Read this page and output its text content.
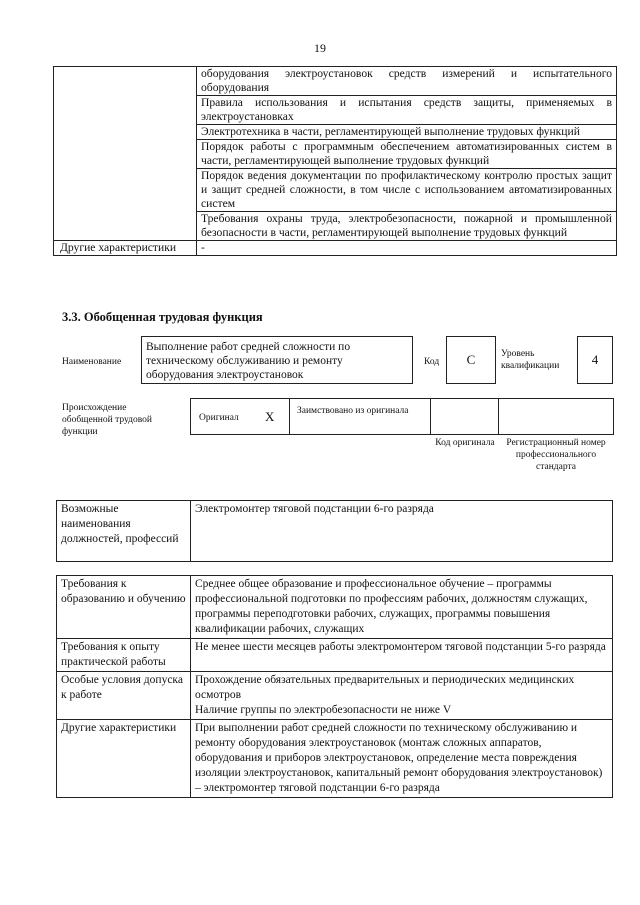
19
	оборудования электроустановок средств измерений и испытательного оборудования
	Правила использования и испытания средств защиты, применяемых в электроустановках
	Электротехника в части, регламентирующей выполнение трудовых функций
	Порядок работы с программным обеспечением автоматизированных систем в части, регламентирующей выполнение трудовых функций
	Порядок ведения документации по профилактическому контролю простых защит и защит средней сложности, в том числе с использованием автоматизированных систем
	Требования охраны труда, электробезопасности, пожарной и промышленной безопасности в части, регламентирующей выполнение трудовых функций
Другие характеристики	-
3.3. Обобщенная трудовая функция
Наименование
Выполнение работ средней сложности по техническому обслуживанию и ремонту оборудования электроустановок
Код	С	Уровень квалификации	4
Происхождение обобщенной трудовой функции
Оригинал X Заимствовано из оригинала
Код оригинала	Регистрационный номер профессионального стандарта
Возможные наименования должностей, профессий	Электромонтер тяговой подстанции 6-го разряда
Требования к образованию и обучению	Среднее общее образование и профессиональное обучение – программы профессиональной подготовки по профессиям рабочих, должностям служащих, программы переподготовки рабочих, служащих, программы повышения квалификации рабочих, служащих
Требования к опыту практической работы	Не менее шести месяцев работы электромонтером тяговой подстанции 5-го разряда
Особые условия допуска к работе	Прохождение обязательных предварительных и периодических медицинских осмотров
Наличие группы по электробезопасности не ниже V

Другие характеристики	При выполнении работ средней сложности по техническому обслуживанию и ремонту оборудования электроустановок (монтаж сложных аппаратов, оборудования и приборов электроустановок, определение места повреждения изоляции электроустановок, капитальный ремонт оборудования электроустановок) – электромонтер тяговой подстанции 6-го разряда
